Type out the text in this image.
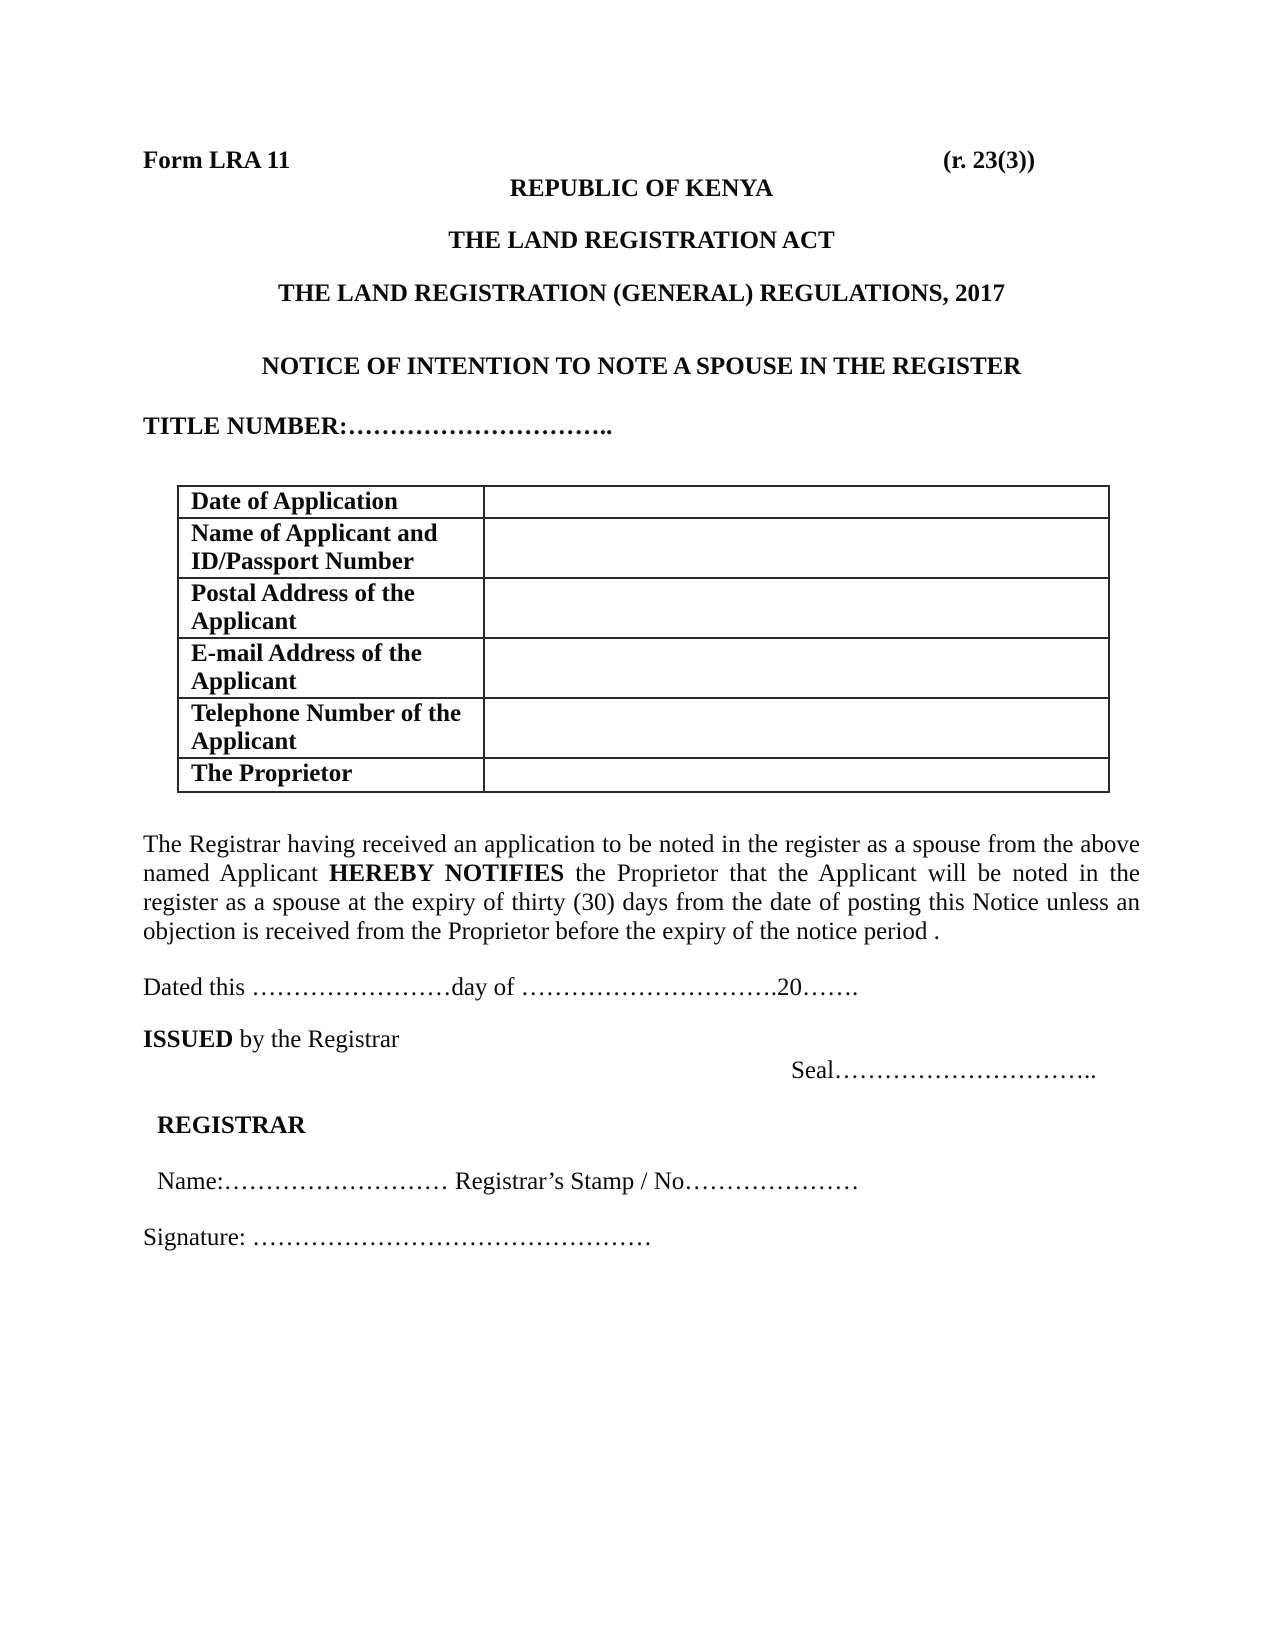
Form LRA 11	(r. 23(3))
REPUBLIC OF KENYA
THE LAND REGISTRATION ACT
THE LAND REGISTRATION (GENERAL) REGULATIONS, 2017
NOTICE OF INTENTION TO NOTE A SPOUSE IN THE REGISTER
TITLE NUMBER:…………………………..
Date of Application	
Name of Applicant and ID/Passport Number	
Postal Address of the Applicant	
E-mail Address of the Applicant	
Telephone Number of the Applicant	
The Proprietor	

The Registrar having received an application to be noted in the register as a spouse from the above named Applicant HEREBY NOTIFIES the Proprietor that the Applicant will be noted in the register as a spouse at the expiry of thirty (30) days from the date of posting this Notice unless an objection is received from the Proprietor before the expiry of the notice period .

Dated this ……………………day of ………………………….20…….
ISSUED by the Registrar
Seal…………………………..
REGISTRAR
Name:……………………… Registrar’s Stamp / No…………………
Signature: …………………………………………
